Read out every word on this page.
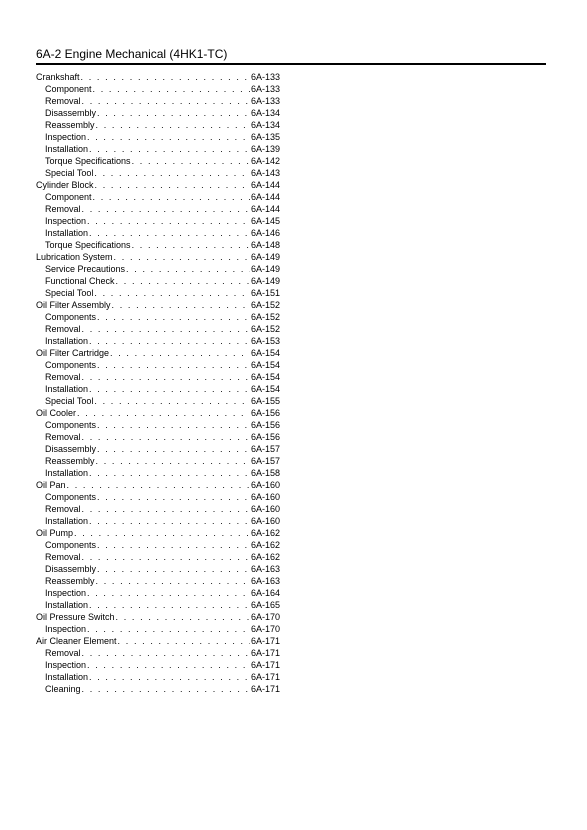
6A-2 Engine Mechanical (4HK1-TC)
Crankshaft . . .	6A-133
Component . . .	6A-133
Removal . . .	6A-133
Disassembly . . .	6A-134
Reassembly . . .	6A-134
Inspection . . .	6A-135
Installation . . .	6A-139
Torque Specifications . . .	6A-142
Special Tool . . .	6A-143
Cylinder Block . . .	6A-144
Component . . .	6A-144
Removal . . .	6A-144
Inspection . . .	6A-145
Installation . . .	6A-146
Torque Specifications . . .	6A-148
Lubrication System . . .	6A-149
Service Precautions . . .	6A-149
Functional Check . . .	6A-149
Special Tool . . .	6A-151
Oil Filter Assembly . . .	6A-152
Components . . .	6A-152
Removal . . .	6A-152
Installation . . .	6A-153
Oil Filter Cartridge . . .	6A-154
Components . . .	6A-154
Removal . . .	6A-154
Installation . . .	6A-154
Special Tool . . .	6A-155
Oil Cooler . . .	6A-156
Components . . .	6A-156
Removal . . .	6A-156
Disassembly . . .	6A-157
Reassembly . . .	6A-157
Installation . . .	6A-158
Oil Pan . . .	6A-160
Components . . .	6A-160
Removal . . .	6A-160
Installation . . .	6A-160
Oil Pump . . .	6A-162
Components . . .	6A-162
Removal . . .	6A-162
Disassembly . . .	6A-163
Reassembly . . .	6A-163
Inspection . . .	6A-164
Installation . . .	6A-165
Oil Pressure Switch . . .	6A-170
Inspection . . .	6A-170
Air Cleaner Element . . .	6A-171
Removal . . .	6A-171
Inspection . . .	6A-171
Installation . . .	6A-171
Cleaning . . .	6A-171
